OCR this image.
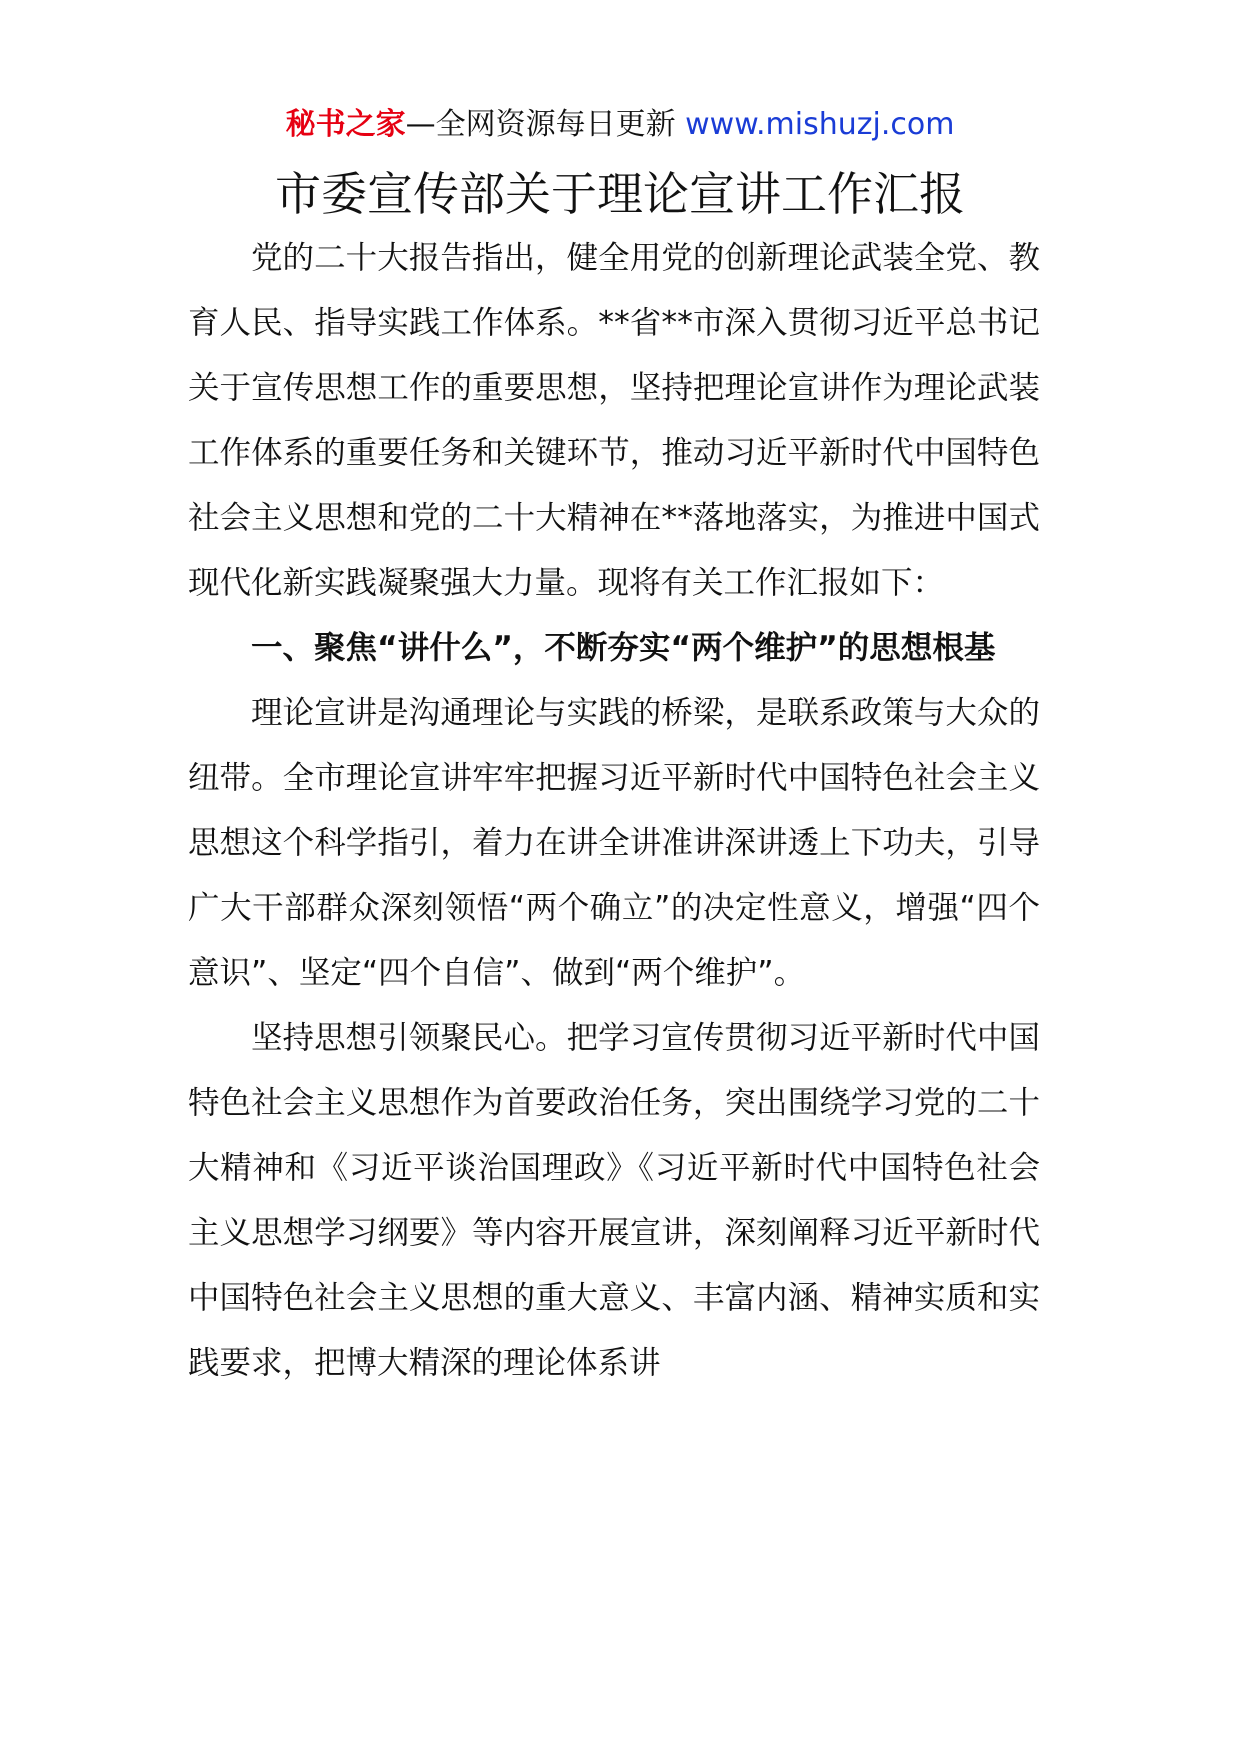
秘书之家—全网资源每日更新 www.mishuzj.com
市委宣传部关于理论宣讲工作汇报

党的二十大报告指出，健全用党的创新理论武装全党、教育人民、指导实践工作体系。**省**市深入贯彻习近平总书记关于宣传思想工作的重要思想，坚持把理论宣讲作为理论武装工作体系的重要任务和关键环节，推动习近平新时代中国特色社会主义思想和党的二十大精神在**落地落实，为推进中国式现代化新实践凝聚强大力量。现将有关工作汇报如下：

一、聚焦“讲什么”，不断夯实“两个维护”的思想根基

理论宣讲是沟通理论与实践的桥梁，是联系政策与大众的纽带。全市理论宣讲牢牢把握习近平新时代中国特色社会主义思想这个科学指引，着力在讲全讲准讲深讲透上下功夫，引导广大干部群众深刻领悟“两个确立”的决定性意义，增强“四个意识”、坚定“四个自信”、做到“两个维护”。

坚持思想引领聚民心。把学习宣传贯彻习近平新时代中国特色社会主义思想作为首要政治任务，突出围绕学习党的二十大精神和《习近平谈治国理政》《习近平新时代中国特色社会主义思想学习纲要》等内容开展宣讲，深刻阐释习近平新时代中国特色社会主义思想的重大意义、丰富内涵、精神实质和实践要求，把博大精深的理论体系讲
